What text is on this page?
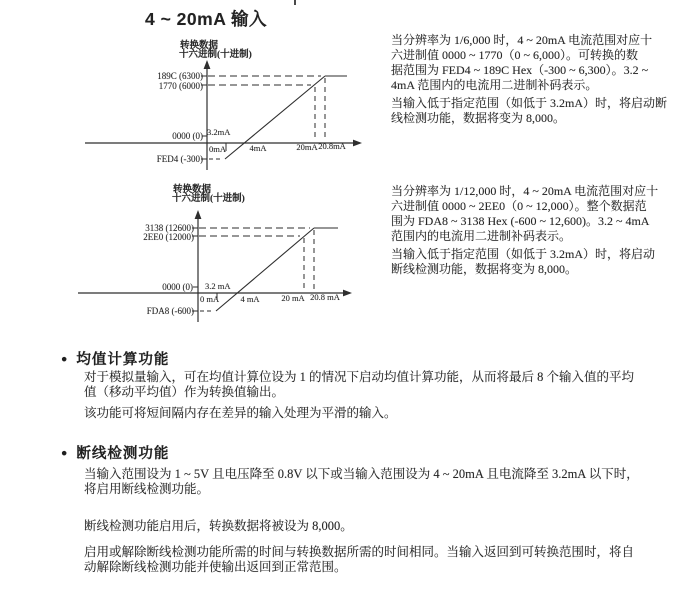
4 ~ 20mA 输入
转换数据
十六进制(十进制)
189C (6300)
1770 (6000)
0000 (0)
FED4 (-300)
0mA
3.2mA
4mA	20mA 20.8mA
当分辨率为 1/6,000 时，4 ~ 20mA 电流范围对应十
六进制值 0000 ~ 1770（0 ~ 6,000）。可转换的数
据范围为 FED4 ~ 189C Hex（-300 ~ 6,300）。3.2 ~
4mA 范围内的电流用二进制补码表示。
当输入低于指定范围（如低于 3.2mA）时，将启动断
线检测功能，数据将变为 8,000。
转换数据
十六进制(十进制)
3138 (12600)
2EE0 (12000)
0000 (0)
FDA8 (-600)
0 mA
3.2 mA
4 mA	20 mA 20.8 mA
当分辨率为 1/12,000 时，4 ~ 20mA 电流范围对应十
六进制值 0000 ~ 2EE0（0 ~ 12,000）。整个数据范
围为 FDA8 ~ 3138 Hex (-600 ~ 12,600)。3.2 ~ 4mA
范围内的电流用二进制补码表示。
当输入低于指定范围（如低于 3.2mA）时，将启动
断线检测功能，数据将变为 8,000。
● 均值计算功能
对于模拟量输入，可在均值计算位设为 1 的情况下启动均值计算功能，从而将最后 8 个输入值的平均
值（移动平均值）作为转换值输出。
该功能可将短间隔内存在差异的输入处理为平滑的输入。
● 断线检测功能
当输入范围设为 1 ~ 5V 且电压降至 0.8V 以下或当输入范围设为 4 ~ 20mA 且电流降至 3.2mA 以下时，
将启用断线检测功能。
断线检测功能启用后，转换数据将被设为 8,000。
启用或解除断线检测功能所需的时间与转换数据所需的时间相同。当输入返回到可转换范围时，将自
动解除断线检测功能并使输出返回到正常范围。
